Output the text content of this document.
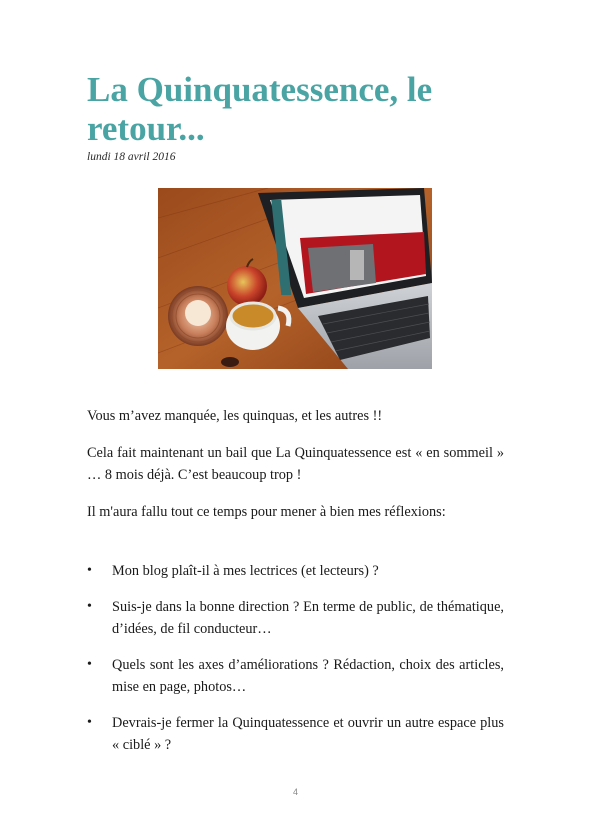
La Quinquatessence, le retour...
lundi 18 avril 2016

Vous m’avez manquée, les quinquas, et les autres !!

Cela fait maintenant un bail que La Quinquatessence est « en sommeil » … 8 mois déjà. C’est beaucoup trop !

Il m'aura fallu tout ce temps pour mener à bien mes réflexions:

• Mon blog plaît-il à mes lectrices (et lecteurs) ?
• Suis-je dans la bonne direction ? En terme de public, de thématique, d’idées, de fil conducteur…
• Quels sont les axes d’améliorations ? Rédaction, choix des articles, mise en page, photos…
• Devrais-je fermer la Quinquatessence et ouvrir un autre espace plus « ciblé » ?
4
